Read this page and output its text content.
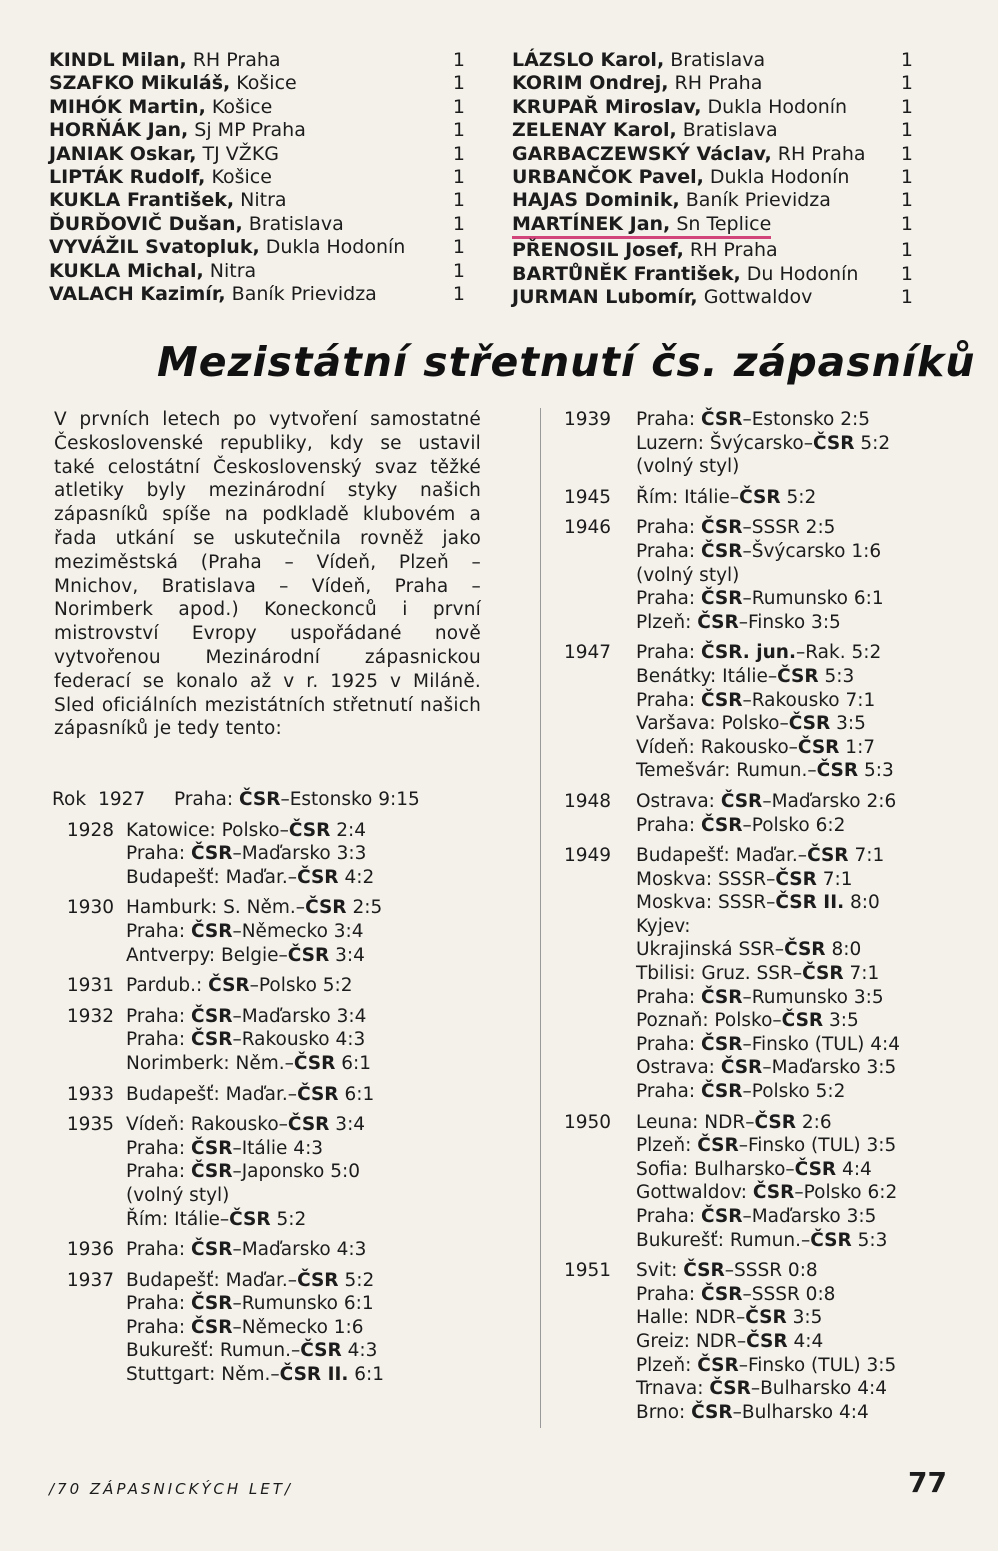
KINDL Milan, RH Praha	1
SZAFKO Mikuláš, Košice	1
MIHÓK Martin, Košice	1
HORŇÁK Jan, Sj MP Praha	1
JANIAK Oskar, TJ VŽKG	1
LIPTÁK Rudolf, Košice	1
KUKLA František, Nitra	1
ĎURĎOVIČ Dušan, Bratislava	1
VYVÁŽIL Svatopluk, Dukla Hodonín	1
KUKLA Michal, Nitra	1
VALACH Kazimír, Baník Prievidza	1
LÁZSLO Karol, Bratislava	1
KORIM Ondrej, RH Praha	1
KRUPAŘ Miroslav, Dukla Hodonín	1
ZELENAY Karol, Bratislava	1
GARBACZEWSKÝ Václav, RH Praha 1
URBANČOK Pavel, Dukla Hodonín	1
HAJAS Dominik, Baník Prievidza	1
MARTÍNEK Jan, Sn Teplice	1
PŘENOSIL Josef, RH Praha	1
BARTŮNĚK František, Du Hodonín 1
JURMAN Lubomír, Gottwaldov	1
Mezistátní střetnutí čs. zápasníků
V prvních letech po vytvoření samostatné Československé republiky, kdy se ustavil také celostátní Československý svaz těžké atletiky byly mezinárodní styky našich zápasníků spíše na podkladě klubovém a řada utkání se uskutečnila rovněž jako meziměstská (Praha – Vídeň, Plzeň – Mnichov, Bratislava – Vídeň, Praha – Norimberk apod.) Koneckonců i první mistrovství Evropy uspořádané nově vytvořenou Mezinárodní zápasnickou federací se konalo až v r. 1925 v Miláně. Sled oficiálních mezistátních střetnutí našich zápasníků je tedy tento:
Rok 1927	Praha: ČSR–Estonsko 9:15
1928 Katowice: Polsko–ČSR 2:4
Praha: ČSR–Maďarsko 3:3
Budapešť: Maďar.–ČSR 4:2
1930 Hamburk: S. Něm.–ČSR 2:5
Praha: ČSR–Německo 3:4
Antverpy: Belgie–ČSR 3:4
1931 Pardub.: ČSR–Polsko 5:2
1932 Praha: ČSR–Maďarsko 3:4
Praha: ČSR–Rakousko 4:3
Norimberk: Něm.–ČSR 6:1
1933 Budapešť: Maďar.–ČSR 6:1
1935 Vídeň: Rakousko–ČSR 3:4
Praha: ČSR–Itálie 4:3
Praha: ČSR–Japonsko 5:0
(volný styl)
Řím: Itálie–ČSR 5:2
1936 Praha: ČSR–Maďarsko 4:3
1937 Budapešť: Maďar.–ČSR 5:2
Praha: ČSR–Rumunsko 6:1
Praha: ČSR–Německo 1:6
Bukurešť: Rumun.–ČSR 4:3
Stuttgart: Něm.–ČSR II. 6:1
1939	Praha: ČSR–Estonsko 2:5
Luzern: Švýcarsko–ČSR 5:2
(volný styl)
1945	Řím: Itálie–ČSR 5:2
1946	Praha: ČSR–SSSR 2:5
Praha: ČSR–Švýcarsko 1:6
(volný styl)
Praha: ČSR–Rumunsko 6:1
Plzeň: ČSR–Finsko 3:5
1947	Praha: ČSR. jun.–Rak. 5:2
Benátky: Itálie–ČSR 5:3
Praha: ČSR–Rakousko 7:1
Varšava: Polsko–ČSR 3:5
Vídeň: Rakousko–ČSR 1:7
Temešvár: Rumun.–ČSR 5:3
1948	Ostrava: ČSR–Maďarsko 2:6
Praha: ČSR–Polsko 6:2
1949	Budapešť: Maďar.–ČSR 7:1
Moskva: SSSR–ČSR 7:1
Moskva: SSSR–ČSR II. 8:0
Kyjev:
Ukrajinská SSR–ČSR 8:0
Tbilisi: Gruz. SSR–ČSR 7:1
Praha: ČSR–Rumunsko 3:5
Poznaň: Polsko–ČSR 3:5
Praha: ČSR–Finsko (TUL) 4:4
Ostrava: ČSR–Maďarsko 3:5
Praha: ČSR–Polsko 5:2
1950	Leuna: NDR–ČSR 2:6
Plzeň: ČSR–Finsko (TUL) 3:5
Sofia: Bulharsko–ČSR 4:4
Gottwaldov: ČSR–Polsko 6:2
Praha: ČSR–Maďarsko 3:5
Bukurešť: Rumun.–ČSR 5:3
1951	Svit: ČSR–SSSR 0:8
Praha: ČSR–SSSR 0:8
Halle: NDR–ČSR 3:5
Greiz: NDR–ČSR 4:4
Plzeň: ČSR–Finsko (TUL) 3:5
Trnava: ČSR–Bulharsko 4:4
Brno: ČSR–Bulharsko 4:4
/70 ZÁPASNICKÝCH LET/	77
